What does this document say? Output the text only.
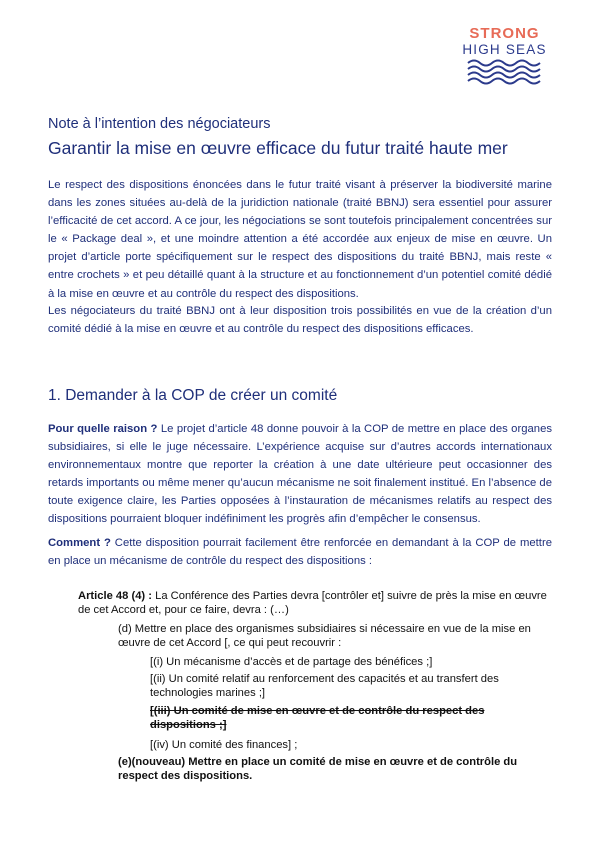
STRONG
HIGH SEAS
Note à l’intention des négociateurs
Garantir la mise en œuvre efficace du futur traité haute mer

Le respect des dispositions énoncées dans le futur traité visant à préserver la biodiversité marine dans les zones situées au-delà de la juridiction nationale (traité BBNJ) sera essentiel pour assurer l’efficacité de cet accord. A ce jour, les négociations se sont toutefois principalement concentrées sur le « Package deal », et une moindre attention a été accordée aux enjeux de mise en œuvre. Un projet d’article porte spécifiquement sur le respect des dispositions du traité BBNJ, mais reste « entre crochets » et peu détaillé quant à la structure et au fonctionnement d’un potentiel comité dédié à la mise en œuvre et au contrôle du respect des dispositions.

Les négociateurs du traité BBNJ ont à leur disposition trois possibilités en vue de la création d’un comité dédié à la mise en œuvre et au contrôle du respect des dispositions efficaces.

1. Demander à la COP de créer un comité

Pour quelle raison ? Le projet d’article 48 donne pouvoir à la COP de mettre en place des organes subsidiaires, si elle le juge nécessaire. L’expérience acquise sur d’autres accords internationaux environnementaux montre que reporter la création à une date ultérieure peut occasionner des retards importants ou même mener qu’aucun mécanisme ne soit finalement institué. En l’absence de toute exigence claire, les Parties opposées à l’instauration de mécanismes relatifs au respect des dispositions pourraient bloquer indéfiniment les progrès afin d’empêcher le consensus.

Comment ? Cette disposition pourrait facilement être renforcée en demandant à la COP de mettre en place un mécanisme de contrôle du respect des dispositions :

Article 48 (4) : La Conférence des Parties devra [contrôler et] suivre de près la mise en œuvre de cet Accord et, pour ce faire, devra : (…)

(d) Mettre en place des organismes subsidiaires si nécessaire en vue de la mise en œuvre de cet Accord [, ce qui peut recouvrir :

[(i) Un mécanisme d’accès et de partage des bénéfices ;]

[(ii) Un comité relatif au renforcement des capacités et au transfert des technologies marines ;]

[(iii) Un comité de mise en œuvre et de contrôle du respect des dispositions ;]

[(iv) Un comité des finances] ;

(e)(nouveau) Mettre en place un comité de mise en œuvre et de contrôle du respect des dispositions.
